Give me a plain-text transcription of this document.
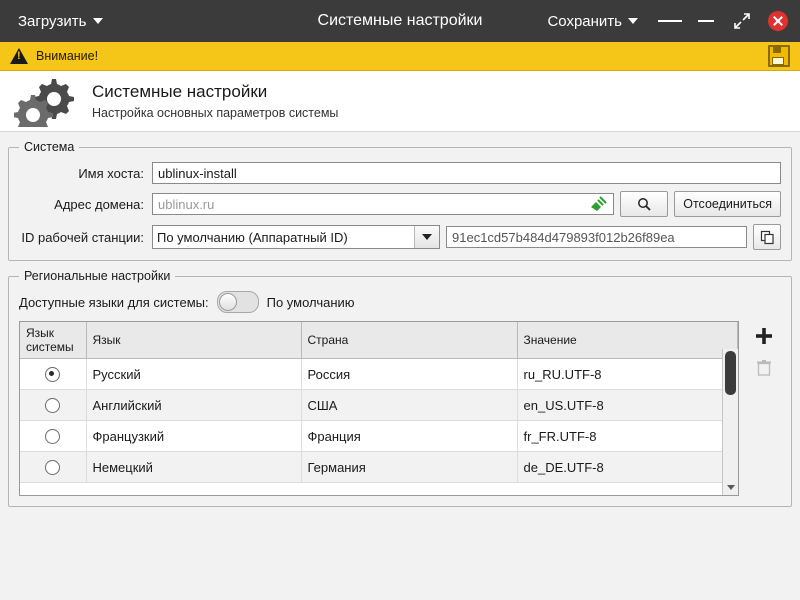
Загрузить	Системные настройки	Сохранить
!
Внимание!
Системные настройки
Настройка основных параметров системы
Система
Имя хоста:
ublinux-install
Адрес домена:
ublinux.ru	Отсоединиться
ID рабочей станции:
По умолчанию (Аппаратный ID)
91ec1cd57b484d479893f012b26f89ea
Региональные настройки
Доступные языки для системы:	По умолчанию
Язык системы	Язык	Страна	Значение
	Русский	Россия	ru_RU.UTF-8
	Английский	США	en_US.UTF-8
	Французкий	Франция	fr_FR.UTF-8
	Немецкий	Германия	de_DE.UTF-8
